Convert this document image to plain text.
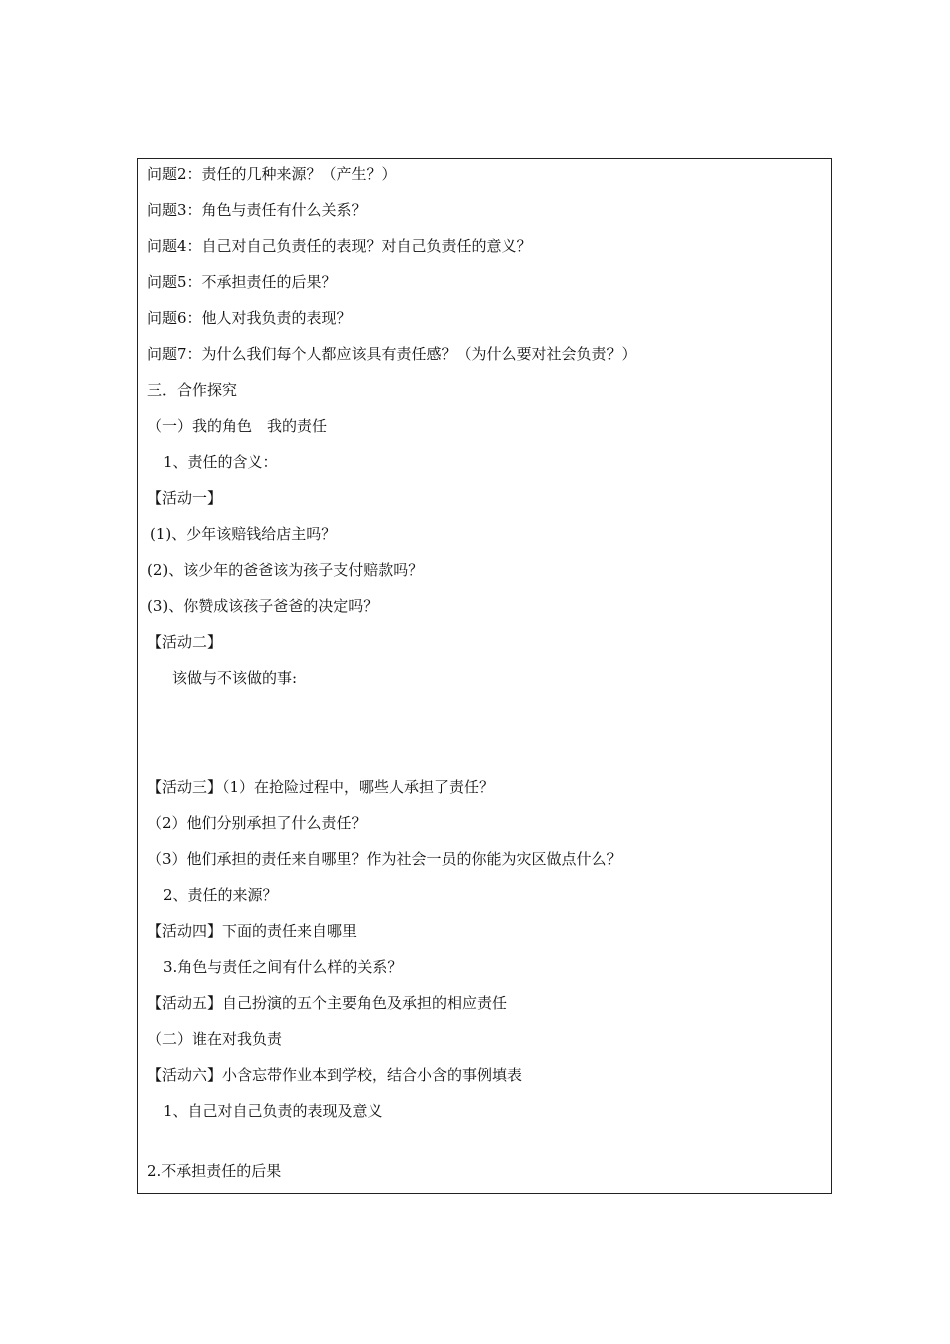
问题2：责任的几种来源？（产生？）
问题3：角色与责任有什么关系？
问题4：自己对自己负责任的表现？对自己负责任的意义？
问题5：不承担责任的后果？
问题6：他人对我负责的表现？
问题7：为什么我们每个人都应该具有责任感？（为什么要对社会负责？）
三．合作探究
（一）我的角色　我的责任
1、责任的含义：
【活动一】
(1)、少年该赔钱给店主吗？
(2)、该少年的爸爸该为孩子支付赔款吗？
(3)、你赞成该孩子爸爸的决定吗？
【活动二】
该做与不该做的事:
【活动三】（1）在抢险过程中，哪些人承担了责任？
（2）他们分别承担了什么责任？
（3）他们承担的责任来自哪里？作为社会一员的你能为灾区做点什么？
2、责任的来源？
【活动四】下面的责任来自哪里
3.角色与责任之间有什么样的关系？
【活动五】自己扮演的五个主要角色及承担的相应责任
（二）谁在对我负责
【活动六】小含忘带作业本到学校，结合小含的事例填表
1、自己对自己负责的表现及意义
2.不承担责任的后果
